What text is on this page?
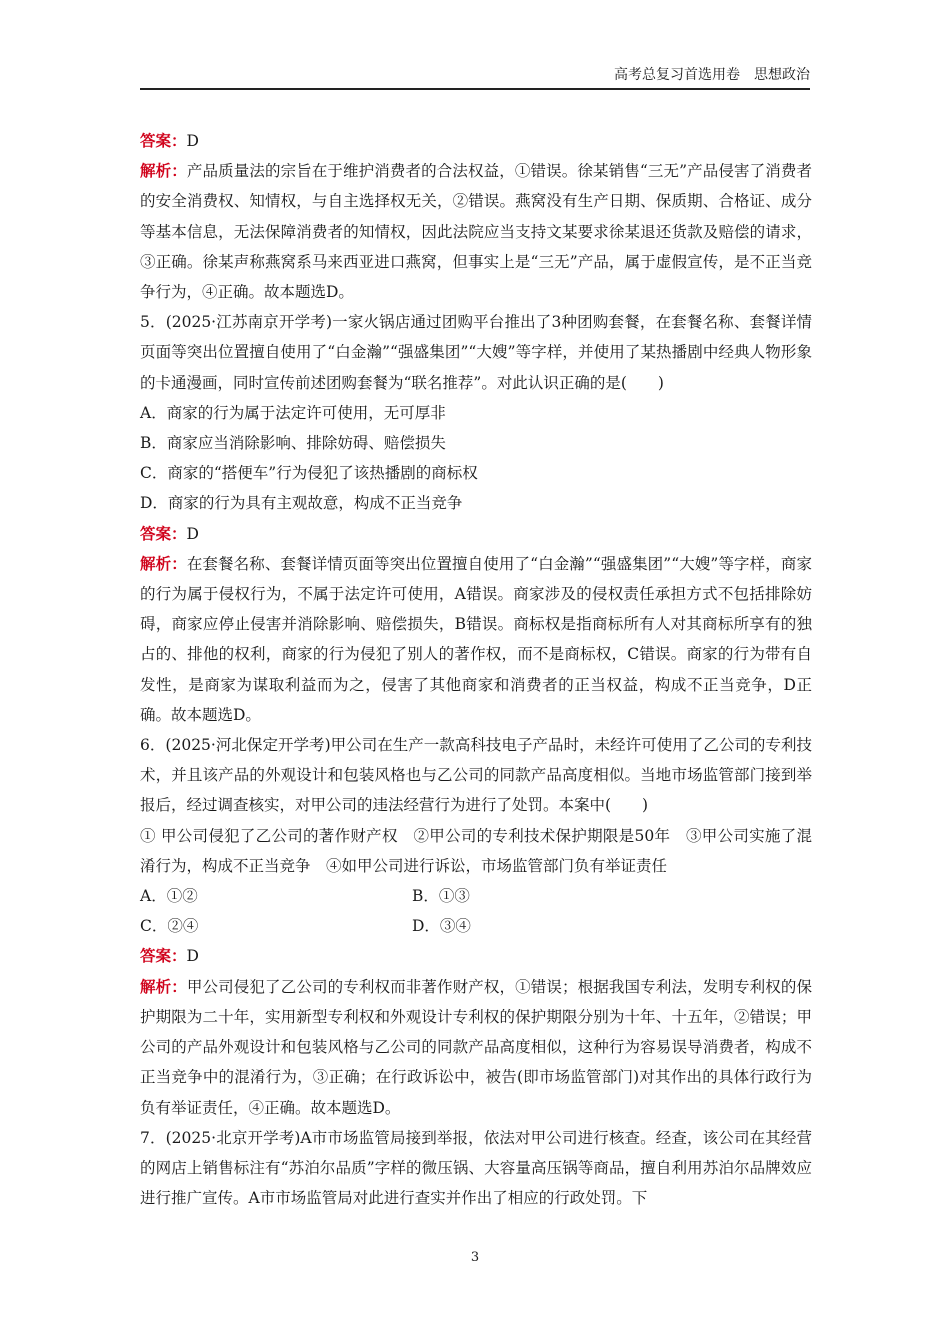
高考总复习首选用卷　思想政治

答案：D

解析：产品质量法的宗旨在于维护消费者的合法权益，①错误。徐某销售“三无”产品侵害了消费者的安全消费权、知情权，与自主选择权无关，②错误。燕窝没有生产日期、保质期、合格证、成分等基本信息，无法保障消费者的知情权，因此法院应当支持文某要求徐某退还货款及赔偿的请求，③正确。徐某声称燕窝系马来西亚进口燕窝，但事实上是“三无”产品，属于虚假宣传，是不正当竞争行为，④正确。故本题选D。

5．(2025·江苏南京开学考)一家火锅店通过团购平台推出了3种团购套餐，在套餐名称、套餐详情页面等突出位置擅自使用了“白金瀚”“强盛集团”“大嫂”等字样，并使用了某热播剧中经典人物形象的卡通漫画，同时宣传前述团购套餐为“联名推荐”。对此认识正确的是(　　)

A．商家的行为属于法定许可使用，无可厚非

B．商家应当消除影响、排除妨碍、赔偿损失

C．商家的“搭便车”行为侵犯了该热播剧的商标权

D．商家的行为具有主观故意，构成不正当竞争

答案：D

解析：在套餐名称、套餐详情页面等突出位置擅自使用了“白金瀚”“强盛集团”“大嫂”等字样，商家的行为属于侵权行为，不属于法定许可使用，A错误。商家涉及的侵权责任承担方式不包括排除妨碍，商家应停止侵害并消除影响、赔偿损失，B错误。商标权是指商标所有人对其商标所享有的独占的、排他的权利，商家的行为侵犯了别人的著作权，而不是商标权，C错误。商家的行为带有自发性，是商家为谋取利益而为之，侵害了其他商家和消费者的正当权益，构成不正当竞争，D正确。故本题选D。

6．(2025·河北保定开学考)甲公司在生产一款高科技电子产品时，未经许可使用了乙公司的专利技术，并且该产品的外观设计和包装风格也与乙公司的同款产品高度相似。当地市场监管部门接到举报后，经过调查核实，对甲公司的违法经营行为进行了处罚。本案中(　　)

① 甲公司侵犯了乙公司的著作财产权　②甲公司的专利技术保护期限是50年　③甲公司实施了混淆行为，构成不正当竞争　④如甲公司进行诉讼，市场监管部门负有举证责任

A．①②	B．①③
C．②④	D．③④

答案：D

解析：甲公司侵犯了乙公司的专利权而非著作财产权，①错误；根据我国专利法，发明专利权的保护期限为二十年，实用新型专利权和外观设计专利权的保护期限分别为十年、十五年，②错误；甲公司的产品外观设计和包装风格与乙公司的同款产品高度相似，这种行为容易误导消费者，构成不正当竞争中的混淆行为，③正确；在行政诉讼中，被告(即市场监管部门)对其作出的具体行政行为负有举证责任，④正确。故本题选D。

7．(2025·北京开学考)A市市场监管局接到举报，依法对甲公司进行核查。经查，该公司在其经营的网店上销售标注有“苏泊尔品质”字样的微压锅、大容量高压锅等商品，擅自利用苏泊尔品牌效应进行推广宣传。A市市场监管局对此进行查实并作出了相应的行政处罚。下

3
